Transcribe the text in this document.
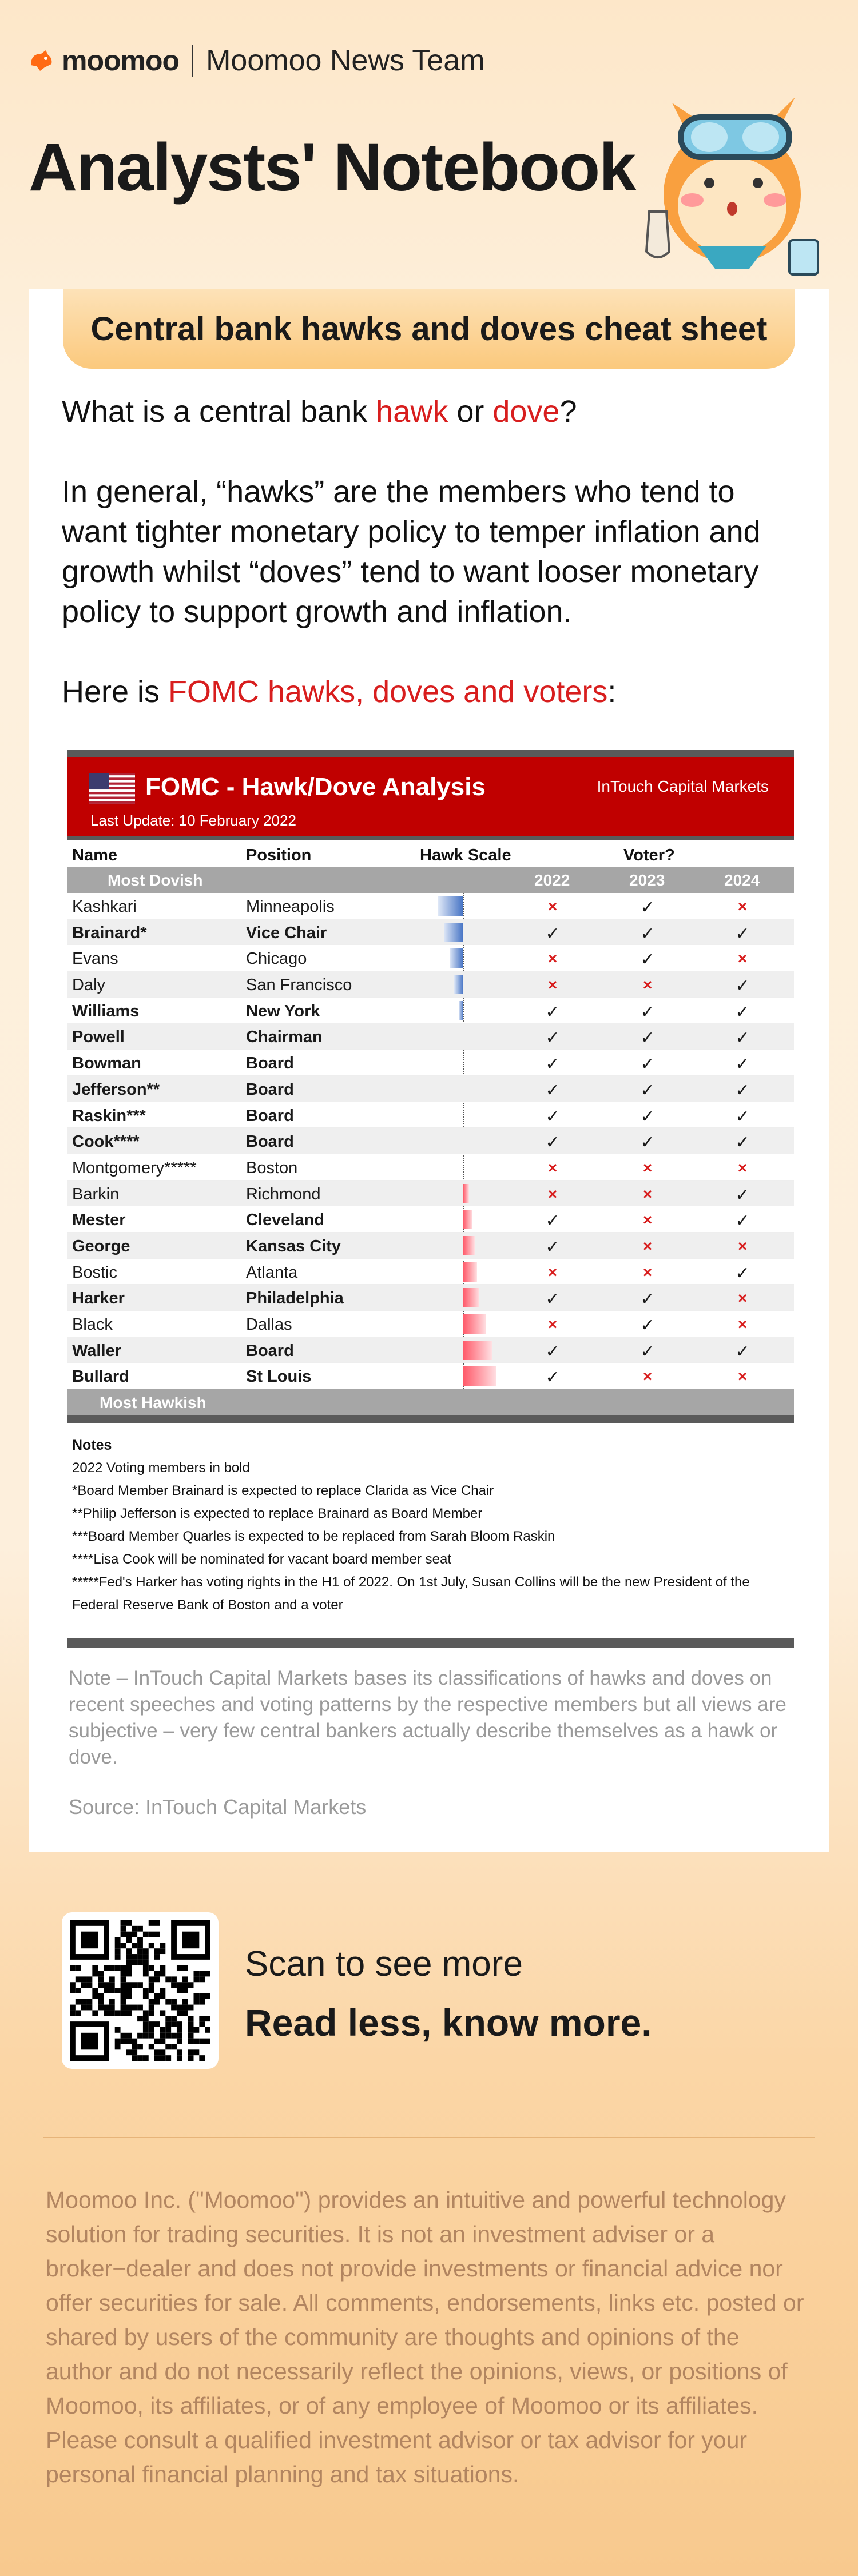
moomoo Moomoo News Team
Analysts' Notebook
Central bank hawks and doves cheat sheet

What is a central bank hawk or dove?

In general, “hawks” are the members who tend to want tighter monetary policy to temper inflation and growth whilst “doves” tend to want looser monetary policy to support growth and inflation.

Here is FOMC hawks, doves and voters:

FOMC - Hawk/Dove Analysis	InTouch Capital Markets
Last Update: 10 February 2022
Name	Position	Hawk Scale	Voter?
Most Dovish	2022	2023	2024
Kashkari	Minneapolis	×	✓	×
Brainard*	Vice Chair	✓	✓	✓
Evans	Chicago	×	✓	×
Daly	San Francisco	×	×	✓
Williams	New York	✓	✓	✓
Powell	Chairman	✓	✓	✓
Bowman	Board	✓	✓	✓
Jefferson**	Board	✓	✓	✓
Raskin***	Board	✓	✓	✓
Cook****	Board	✓	✓	✓
Montgomery*****	Boston	×	×	×
Barkin	Richmond	×	×	✓
Mester	Cleveland	✓	×	✓
George	Kansas City	✓	×	×
Bostic	Atlanta	×	×	✓
Harker	Philadelphia	✓	✓	×
Black	Dallas	×	✓	×
Waller	Board	✓	✓	✓
Bullard	St Louis	✓	×	×
Most Hawkish
Notes
2022 Voting members in bold
*Board Member Brainard is expected to replace Clarida as Vice Chair
**Philip Jefferson is expected to replace Brainard as Board Member
***Board Member Quarles is expected to be replaced from Sarah Bloom Raskin
****Lisa Cook will be nominated for vacant board member seat
*****Fed's Harker has voting rights in the H1 of 2022. On 1st July, Susan Collins will be the new President of the Federal Reserve Bank of Boston and a voter
Note – InTouch Capital Markets bases its classifications of hawks and doves on recent speeches and voting patterns by the respective members but all views are subjective – very few central bankers actually describe themselves as a hawk or dove.
Source: InTouch Capital Markets
Scan to see more
Read less, know more.
Moomoo Inc. ("Moomoo") provides an intuitive and powerful technology solution for trading securities. It is not an investment adviser or a broker−dealer and does not provide investments or financial advice nor offer securities for sale. All comments, endorsements, links etc. posted or shared by users of the community are thoughts and opinions of the author and do not necessarily reflect the opinions, views, or positions of Moomoo, its affiliates, or of any employee of Moomoo or its affiliates. Please consult a qualified investment advisor or tax advisor for your personal financial planning and tax situations.
